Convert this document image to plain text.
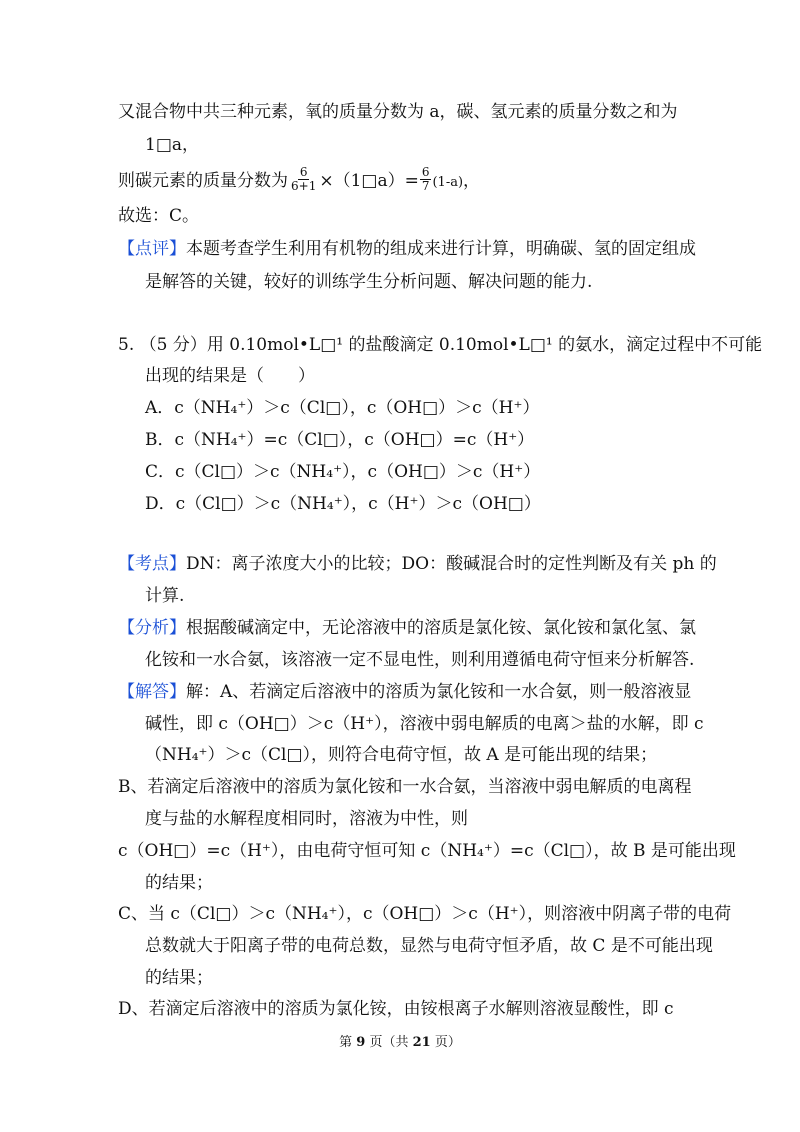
又混合物中共三种元素，氧的质量分数为 a，碳、氢元素的质量分数之和为
1□a，
则碳元素的质量分数为 $\frac{6}{6+1}$ ×（1□a）= $\frac{6}{7} (1-a)$，
故选：C。
【点评】本题考查学生利用有机物的组成来进行计算，明确碳、氢的固定组成
是解答的关键，较好的训练学生分析问题、解决问题的能力.
5. （5 分）用 0.10mol•L□¹ 的盐酸滴定 0.10mol•L□¹ 的氨水，滴定过程中不可能
出现的结果是（　　）
A．c（NH₄⁺）＞c（Cl□），c（OH□）＞c（H⁺）
B．c（NH₄⁺）=c（Cl□），c（OH□）=c（H⁺）
C．c（Cl□）＞c（NH₄⁺），c（OH□）＞c（H⁺）
D．c（Cl□）＞c（NH₄⁺），c（H⁺）＞c（OH□）
【考点】DN：离子浓度大小的比较；DO：酸碱混合时的定性判断及有关 ph 的
计算.
【分析】根据酸碱滴定中，无论溶液中的溶质是氯化铵、氯化铵和氯化氢、氯
化铵和一水合氨，该溶液一定不显电性，则利用遵循电荷守恒来分析解答.
【解答】解：A、若滴定后溶液中的溶质为氯化铵和一水合氨，则一般溶液显
碱性，即 c（OH□）＞c（H⁺），溶液中弱电解质的电离＞盐的水解，即 c
（NH₄⁺）＞c（Cl□），则符合电荷守恒，故 A 是可能出现的结果；
B、若滴定后溶液中的溶质为氯化铵和一水合氨，当溶液中弱电解质的电离程
度与盐的水解程度相同时，溶液为中性，则
c（OH□）=c（H⁺），由电荷守恒可知 c（NH₄⁺）=c（Cl□），故 B 是可能出现
的结果；
C、当 c（Cl□）＞c（NH₄⁺），c（OH□）＞c（H⁺），则溶液中阴离子带的电荷
总数就大于阳离子带的电荷总数，显然与电荷守恒矛盾，故 C 是不可能出现
的结果；
D、若滴定后溶液中的溶质为氯化铵，由铵根离子水解则溶液显酸性，即 c
第 9 页（共 21 页）
